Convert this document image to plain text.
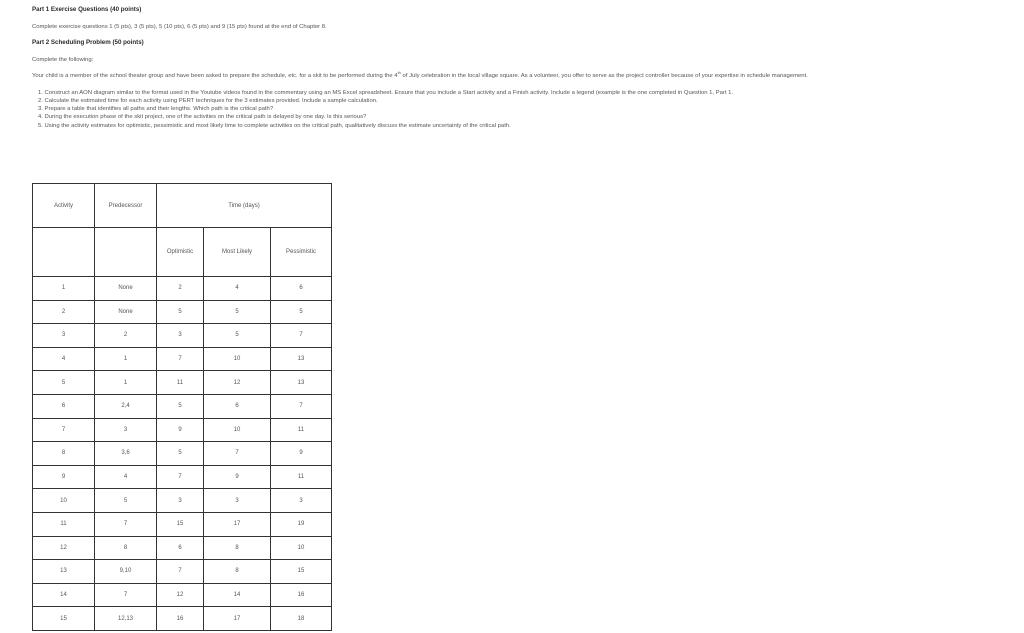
Part 1 Exercise Questions (40 points)

Complete exercise questions 1 (5 pts), 3 (5 pts), 5 (10 pts), 6 (5 pts) and 9 (15 pts) found at the end of Chapter 8.

Part 2 Scheduling Problem (50 points)

Complete the following:

Your child is a member of the school theater group and have been asked to prepare the schedule, etc. for a skit to be performed during the 4th of July celebration in the local village square. As a volunteer, you offer to serve as the project controller because of your expertise in schedule management.

1. Construct an AON diagram similar to the format used in the Youtube videos found in the commentary using an MS Excel spreadsheet. Ensure that you include a Start activity and a Finish activity. Include a legend (example is the one completed in Question 1, Part 1.
2. Calculate the estimated time for each activity using PERT techniques for the 3 estimates provided. Include a sample calculation.
3. Prepare a table that identifies all paths and their lengths. Which path is the critical path?
4. During the execution phase of the skit project, one of the activities on the critical path is delayed by one day. Is this serious?
5. Using the activity estimates for optimistic, pessimistic and most likely time to complete activities on the critical path, qualitatively discuss the estimate uncertainty of the critical path.
Activity	Predecessor	Time (days)		
		Optimistic	Most Likely	Pessimistic
1	None	2	4	6
2	None	5	5	5
3	2	3	5	7
4	1	7	10	13
5	1	11	12	13
6	2,4	5	6	7
7	3	9	10	11
8	3,6	5	7	9
9	4	7	9	11
10	5	3	3	3
11	7	15	17	19
12	8	6	8	10
13	9,10	7	8	15
14	7	12	14	16
15	12,13	16	17	18
